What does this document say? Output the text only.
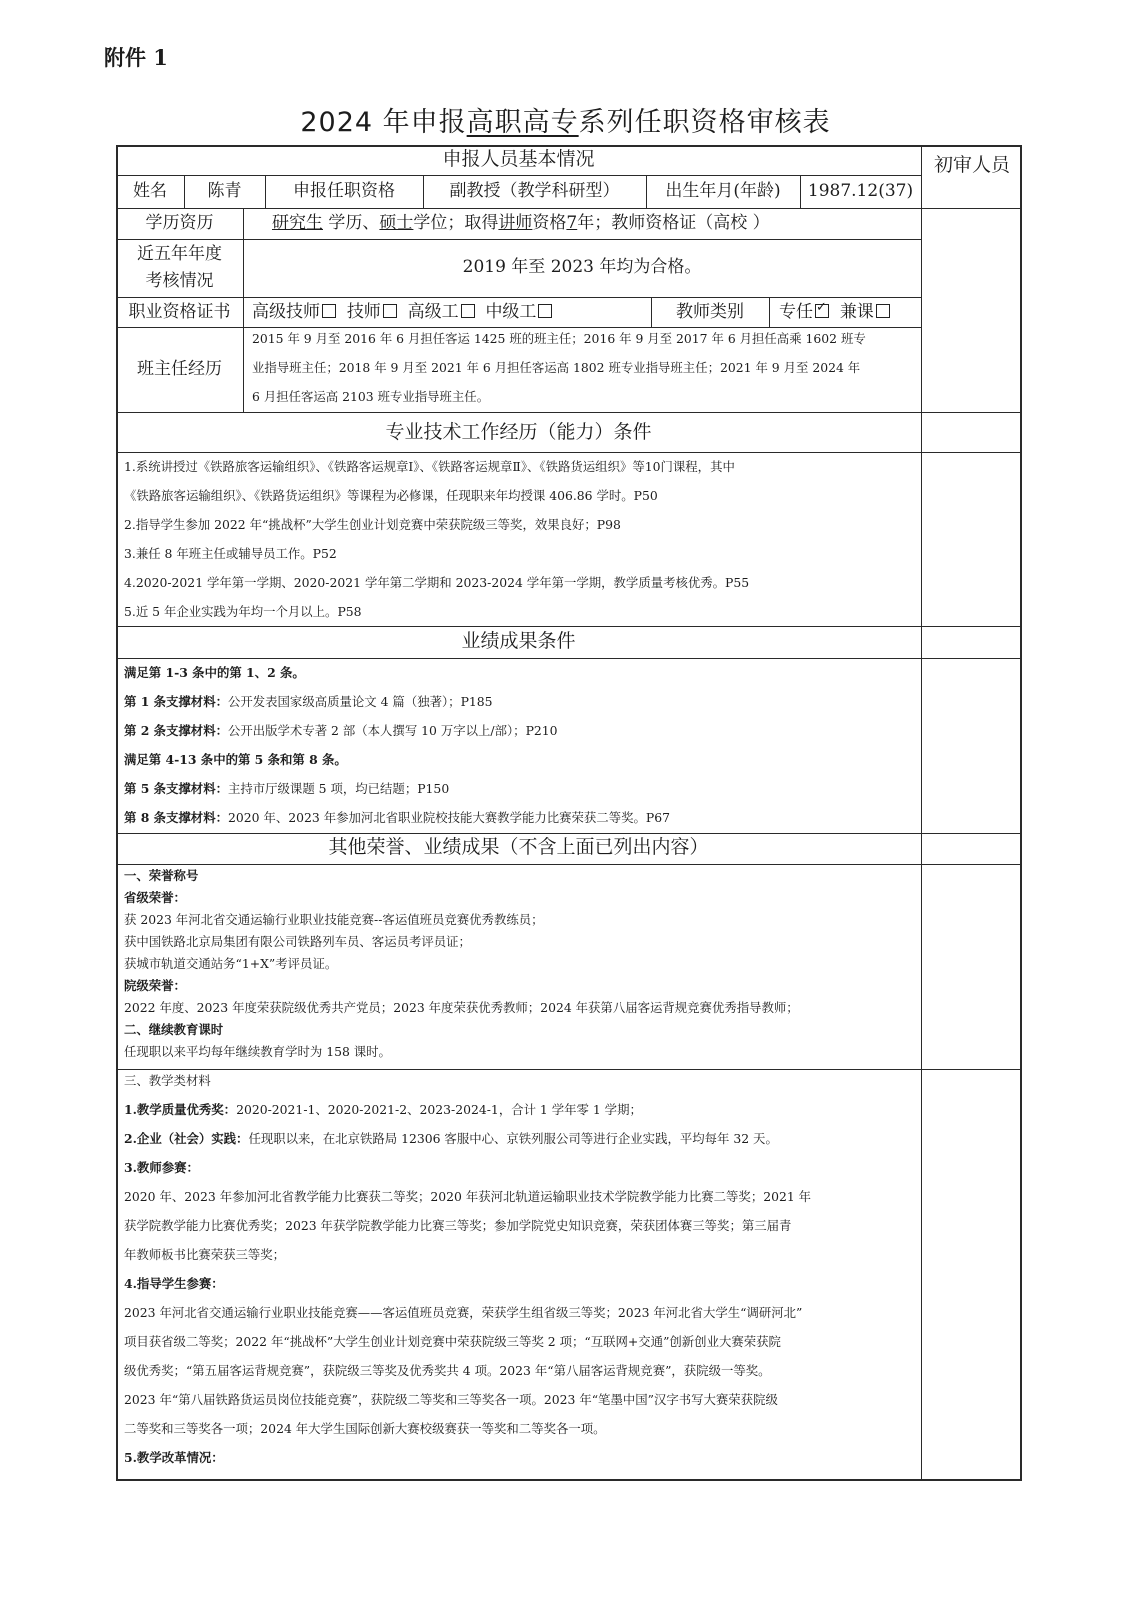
附件 1
2024 年申报高职高专系列任职资格审核表
初审人员
申报人员基本情况
姓名	陈青	申报任职资格	副教授（教学科研型）	出生年月(年龄)	1987.12(37)
学历资历	研究生 学历、硕士学位；取得讲师资格7年；教师资格证（高校 ）
近五年年度
考核情况
2019 年至 2023 年均为合格。
职业资格证书	高级技师 技师 高级工 中级工	教师类别	专任 ✓ 兼课
班主任经历
2015 年 9 月至 2016 年 6 月担任客运 1425 班的班主任；2016 年 9 月至 2017 年 6 月担任高乘 1602 班专
业指导班主任；2018 年 9 月至 2021 年 6 月担任客运高 1802 班专业指导班主任；2021 年 9 月至 2024 年
6 月担任客运高 2103 班专业指导班主任。
专业技术工作经历（能力）条件
1.系统讲授过《铁路旅客运输组织》、《铁路客运规章Ⅰ》、《铁路客运规章Ⅱ》、《铁路货运组织》等10门课程，其中
《铁路旅客运输组织》、《铁路货运组织》等课程为必修课，任现职来年均授课 406.86 学时。P50
2.指导学生参加 2022 年“挑战杯”大学生创业计划竞赛中荣获院级三等奖，效果良好；P98
3.兼任 8 年班主任或辅导员工作。P52
4.2020-2021 学年第一学期、2020-2021 学年第二学期和 2023-2024 学年第一学期，教学质量考核优秀。P55
5.近 5 年企业实践为年均一个月以上。P58
业绩成果条件
满足第 1-3 条中的第 1、2 条。
第 1 条支撑材料：公开发表国家级高质量论文 4 篇（独著）；P185
第 2 条支撑材料：公开出版学术专著 2 部（本人撰写 10 万字以上/部）；P210
满足第 4-13 条中的第 5 条和第 8 条。
第 5 条支撑材料：主持市厅级课题 5 项，均已结题；P150
第 8 条支撑材料：2020 年、2023 年参加河北省职业院校技能大赛教学能力比赛荣获二等奖。P67
其他荣誉、业绩成果（不含上面已列出内容）
一、荣誉称号
省级荣誉：
获 2023 年河北省交通运输行业职业技能竞赛--客运值班员竞赛优秀教练员；
获中国铁路北京局集团有限公司铁路列车员、客运员考评员证；
获城市轨道交通站务“1+X”考评员证。
院级荣誉：
2022 年度、2023 年度荣获院级优秀共产党员；2023 年度荣获优秀教师；2024 年获第八届客运背规竞赛优秀指导教师；
二、继续教育课时
任现职以来平均每年继续教育学时为 158 课时。
三、教学类材料
1.教学质量优秀奖：2020-2021-1、2020-2021-2、2023-2024-1，合计 1 学年零 1 学期；
2.企业（社会）实践：任现职以来，在北京铁路局 12306 客服中心、京铁列服公司等进行企业实践，平均每年 32 天。
3.教师参赛：
2020 年、2023 年参加河北省教学能力比赛获二等奖；2020 年获河北轨道运输职业技术学院教学能力比赛二等奖；2021 年
获学院教学能力比赛优秀奖；2023 年获学院教学能力比赛三等奖；参加学院党史知识竞赛，荣获团体赛三等奖；第三届青
年教师板书比赛荣获三等奖；
4.指导学生参赛：
2023 年河北省交通运输行业职业技能竞赛——客运值班员竞赛，荣获学生组省级三等奖；2023 年河北省大学生“调研河北”
项目获省级二等奖；2022 年“挑战杯”大学生创业计划竞赛中荣获院级三等奖 2 项；“互联网+交通”创新创业大赛荣获院
级优秀奖；“第五届客运背规竞赛”，获院级三等奖及优秀奖共 4 项。2023 年“第八届客运背规竞赛”，获院级一等奖。
2023 年“第八届铁路货运员岗位技能竞赛”，获院级二等奖和三等奖各一项。2023 年“笔墨中国”汉字书写大赛荣获院级
二等奖和三等奖各一项；2024 年大学生国际创新大赛校级赛获一等奖和二等奖各一项。
5.教学改革情况：
